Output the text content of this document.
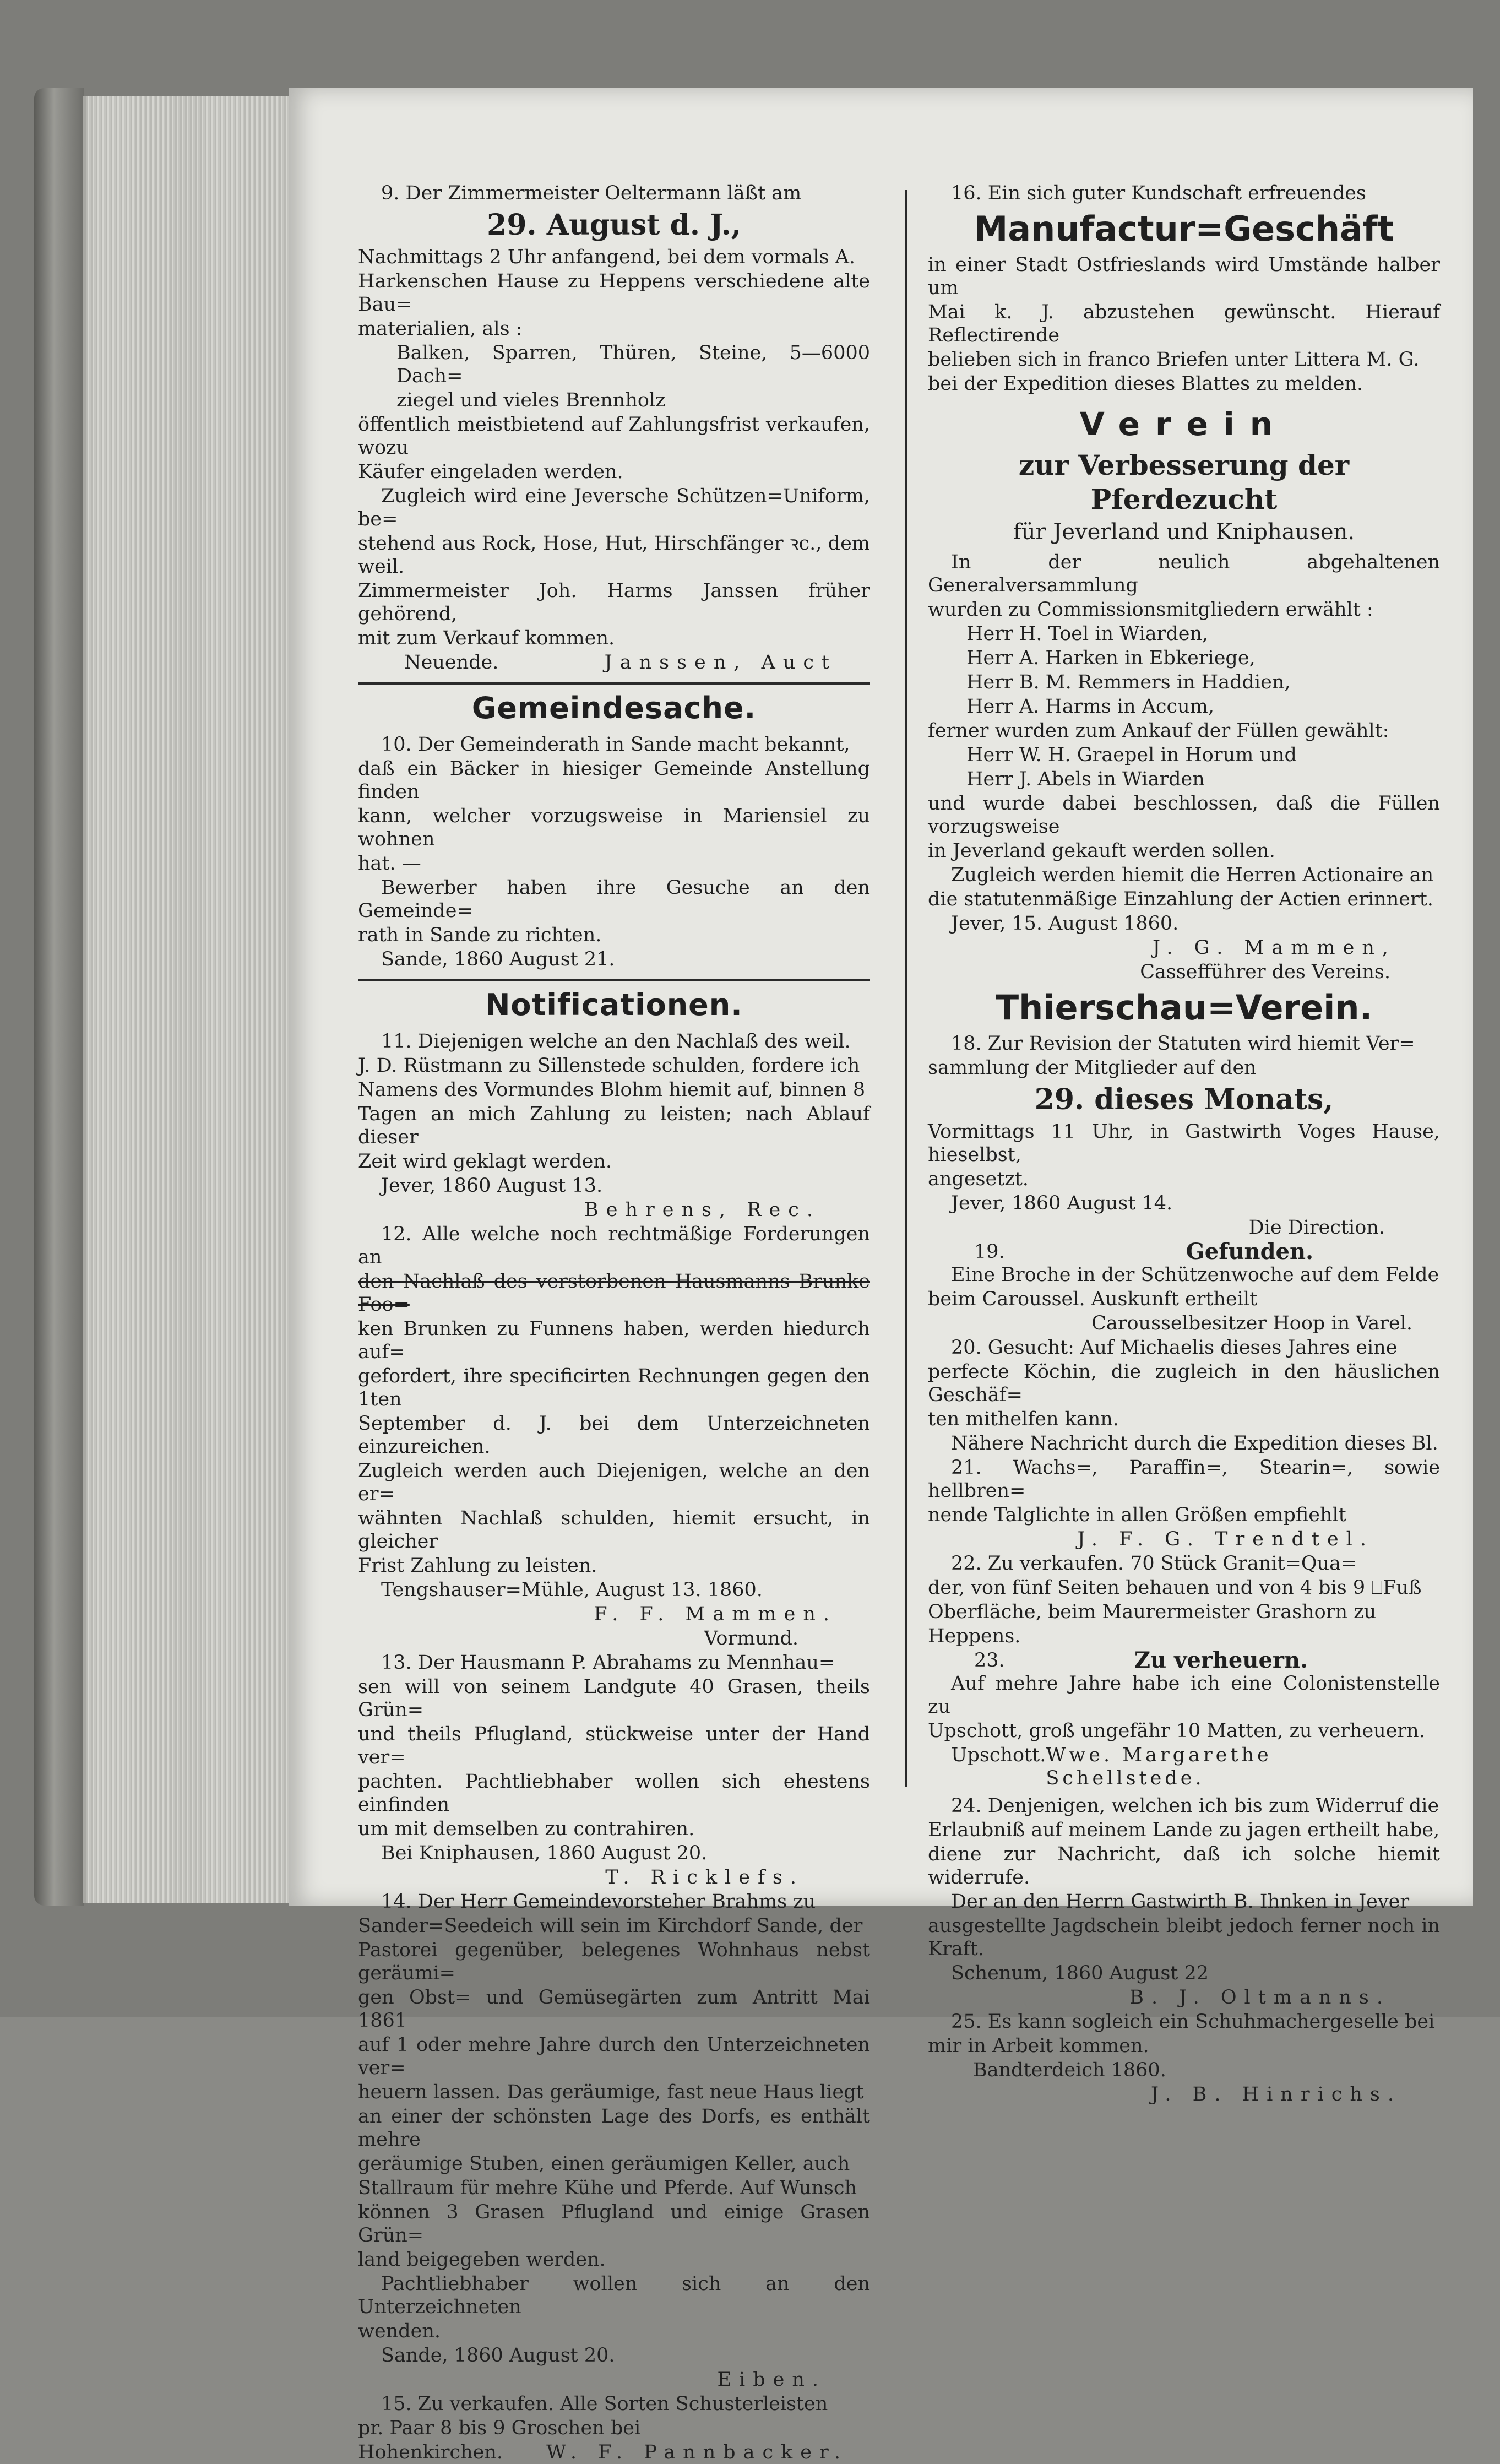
9. Der Zimmermeister Oeltermann läßt am

29. August d. J.,

Nachmittags 2 Uhr anfangend, bei dem vormals A.

Harkenschen Hause zu Heppens verschiedene alte Bau=

materialien, als :

Balken, Sparren, Thüren, Steine, 5—6000 Dach=

ziegel und vieles Brennholz

öffentlich meistbietend auf Zahlungsfrist verkaufen, wozu

Käufer eingeladen werden.

Zugleich wird eine Jeversche Schützen=Uniform, be=

stehend aus Rock, Hose, Hut, Hirschfänger ꝛc., dem weil.

Zimmermeister Joh. Harms Janssen früher gehörend,

mit zum Verkauf kommen.

Neuende.	Janssen, Auct
Gemeindesache.

10. Der Gemeinderath in Sande macht bekannt,

daß ein Bäcker in hiesiger Gemeinde Anstellung finden

kann, welcher vorzugsweise in Mariensiel zu wohnen

hat. —

Bewerber haben ihre Gesuche an den Gemeinde=

rath in Sande zu richten.

Sande, 1860 August 21.

Notificationen.

11. Diejenigen welche an den Nachlaß des weil.

J. D. Rüstmann zu Sillenstede schulden, fordere ich

Namens des Vormundes Blohm hiemit auf, binnen 8

Tagen an mich Zahlung zu leisten; nach Ablauf dieser

Zeit wird geklagt werden.

Jever, 1860 August 13.

Behrens, Rec.

12. Alle welche noch rechtmäßige Forderungen an

den Nachlaß des verstorbenen Hausmanns Brunke Foo=

ken Brunken zu Funnens haben, werden hiedurch auf=

gefordert, ihre specificirten Rechnungen gegen den 1ten

September d. J. bei dem Unterzeichneten einzureichen.

Zugleich werden auch Diejenigen, welche an den er=

wähnten Nachlaß schulden, hiemit ersucht, in gleicher

Frist Zahlung zu leisten.

Tengshauser=Mühle, August 13. 1860.

F. F. Mammen.

Vormund.

13. Der Hausmann P. Abrahams zu Mennhau=

sen will von seinem Landgute 40 Grasen, theils Grün=

und theils Pflugland, stückweise unter der Hand ver=

pachten. Pachtliebhaber wollen sich ehestens einfinden

um mit demselben zu contrahiren.

Bei Kniphausen, 1860 August 20.

T. Ricklefs.

14. Der Herr Gemeindevorsteher Brahms zu

Sander=Seedeich will sein im Kirchdorf Sande, der

Pastorei gegenüber, belegenes Wohnhaus nebst geräumi=

gen Obst= und Gemüsegärten zum Antritt Mai 1861

auf 1 oder mehre Jahre durch den Unterzeichneten ver=

heuern lassen. Das geräumige, fast neue Haus liegt

an einer der schönsten Lage des Dorfs, es enthält mehre

geräumige Stuben, einen geräumigen Keller, auch

Stallraum für mehre Kühe und Pferde. Auf Wunsch

können 3 Grasen Pflugland und einige Grasen Grün=

land beigegeben werden.

Pachtliebhaber wollen sich an den Unterzeichneten

wenden.

Sande, 1860 August 20.

Eiben.

15. Zu verkaufen. Alle Sorten Schusterleisten

pr. Paar 8 bis 9 Groschen bei

Hohenkirchen. W. F. Pannbacker.

16. Ein sich guter Kundschaft erfreuendes

Manufactur=Geschäft

in einer Stadt Ostfrieslands wird Umstände halber um

Mai k. J. abzustehen gewünscht. Hierauf Reflectirende

belieben sich in franco Briefen unter Littera M. G.

bei der Expedition dieses Blattes zu melden.

Verein
zur Verbesserung der Pferdezucht
für Jeverland und Kniphausen.

In der neulich abgehaltenen Generalversammlung

wurden zu Commissionsmitgliedern erwählt :

Herr H. Toel in Wiarden,

Herr A. Harken in Ebkeriege,

Herr B. M. Remmers in Haddien,

Herr A. Harms in Accum,

ferner wurden zum Ankauf der Füllen gewählt:

Herr W. H. Graepel in Horum und

Herr J. Abels in Wiarden

und wurde dabei beschlossen, daß die Füllen vorzugsweise

in Jeverland gekauft werden sollen.

Zugleich werden hiemit die Herren Actionaire an

die statutenmäßige Einzahlung der Actien erinnert.

Jever, 15. August 1860.

J. G. Mammen,

Cassefführer des Vereins.

Thierschau=Verein.

18. Zur Revision der Statuten wird hiemit Ver=

sammlung der Mitglieder auf den

29. dieses Monats,

Vormittags 11 Uhr, in Gastwirth Voges Hause, hieselbst,

angesetzt.

Jever, 1860 August 14.

Die Direction.

19.	Gefunden.

Eine Broche in der Schützenwoche auf dem Felde

beim Caroussel. Auskunft ertheilt

Carousselbesitzer Hoop in Varel.

20. Gesucht: Auf Michaelis dieses Jahres eine

perfecte Köchin, die zugleich in den häuslichen Geschäf=

ten mithelfen kann.

Nähere Nachricht durch die Expedition dieses Bl.

21. Wachs=, Paraffin=, Stearin=, sowie hellbren=

nende Talglichte in allen Größen empfiehlt

J. F. G. Trendtel.

22. Zu verkaufen. 70 Stück Granit=Qua=

der, von fünf Seiten behauen und von 4 bis 9 ⎕Fuß

Oberfläche, beim Maurermeister Grashorn zu

Heppens.

23.	Zu verheuern.

Auf mehre Jahre habe ich eine Colonistenstelle zu

Upschott, groß ungefähr 10 Matten, zu verheuern.

Upschott. Wwe. Margarethe Schellstede.

24. Denjenigen, welchen ich bis zum Widerruf die

Erlaubniß auf meinem Lande zu jagen ertheilt habe,

diene zur Nachricht, daß ich solche hiemit widerrufe.

Der an den Herrn Gastwirth B. Ihnken in Jever

ausgestellte Jagdschein bleibt jedoch ferner noch in Kraft.

Schenum, 1860 August 22

B. J. Oltmanns.

25. Es kann sogleich ein Schuhmachergeselle bei

mir in Arbeit kommen.

Bandterdeich 1860.

J. B. Hinrichs.
